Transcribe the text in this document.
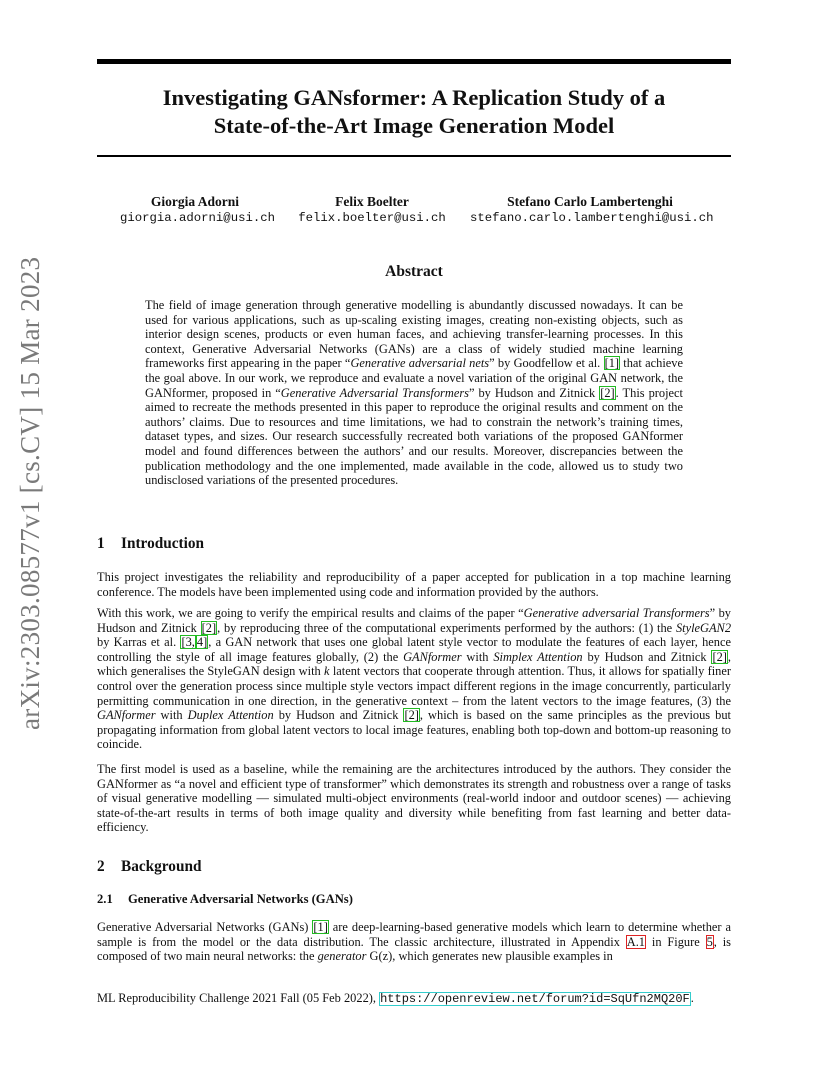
arXiv:2303.08577v1 [cs.CV] 15 Mar 2023
Investigating GANsformer: A Replication Study of a
State-of-the-Art Image Generation Model
Giorgia Adorni
giorgia.adorni@usi.ch
Felix Boelter
felix.boelter@usi.ch
Stefano Carlo Lambertenghi
stefano.carlo.lambertenghi@usi.ch
Abstract
The field of image generation through generative modelling is abundantly discussed nowadays. It can be used for various applications, such as up-scaling existing images, creating non-existing objects, such as interior design scenes, products or even human faces, and achieving transfer-learning processes. In this context, Generative Adversarial Networks (GANs) are a class of widely studied machine learning frameworks first appearing in the paper “Generative adversarial nets” by Goodfellow et al. [1] that achieve the goal above. In our work, we reproduce and evaluate a novel variation of the original GAN network, the GANformer, proposed in “Generative Adversarial Transformers” by Hudson and Zitnick [2]. This project aimed to recreate the methods presented in this paper to reproduce the original results and comment on the authors’ claims. Due to resources and time limitations, we had to constrain the network’s training times, dataset types, and sizes. Our research successfully recreated both variations of the proposed GANformer model and found differences between the authors’ and our results. Moreover, discrepancies between the publication methodology and the one implemented, made available in the code, allowed us to study two undisclosed variations of the presented procedures.
1 Introduction
This project investigates the reliability and reproducibility of a paper accepted for publication in a top machine learning conference. The models have been implemented using code and information provided by the authors.
With this work, we are going to verify the empirical results and claims of the paper “Generative adversarial Transformers” by Hudson and Zitnick [2], by reproducing three of the computational experiments performed by the authors: (1) the StyleGAN2 by Karras et al. [3, 4], a GAN network that uses one global latent style vector to modulate the features of each layer, hence controlling the style of all image features globally, (2) the GANformer with Simplex Attention by Hudson and Zitnick [2], which generalises the StyleGAN design with k latent vectors that cooperate through attention. Thus, it allows for spatially finer control over the generation process since multiple style vectors impact different regions in the image concurrently, particularly permitting communication in one direction, in the generative context – from the latent vectors to the image features, (3) the GANformer with Duplex Attention by Hudson and Zitnick [2], which is based on the same principles as the previous but propagating information from global latent vectors to local image features, enabling both top-down and bottom-up reasoning to coincide.
The first model is used as a baseline, while the remaining are the architectures introduced by the authors. They consider the GANformer as “a novel and efficient type of transformer” which demonstrates its strength and robustness over a range of tasks of visual generative modelling — simulated multi-object environments (real-world indoor and outdoor scenes) — achieving state-of-the-art results in terms of both image quality and diversity while benefiting from fast learning and better data-efficiency.
2 Background
2.1 Generative Adversarial Networks (GANs)
Generative Adversarial Networks (GANs) [1] are deep-learning-based generative models which learn to determine whether a sample is from the model or the data distribution. The classic architecture, illustrated in Appendix A.1 in Figure 5, is composed of two main neural networks: the generator G(z), which generates new plausible examples in
ML Reproducibility Challenge 2021 Fall (05 Feb 2022), https://openreview.net/forum?id=SqUfn2MQ20F.
